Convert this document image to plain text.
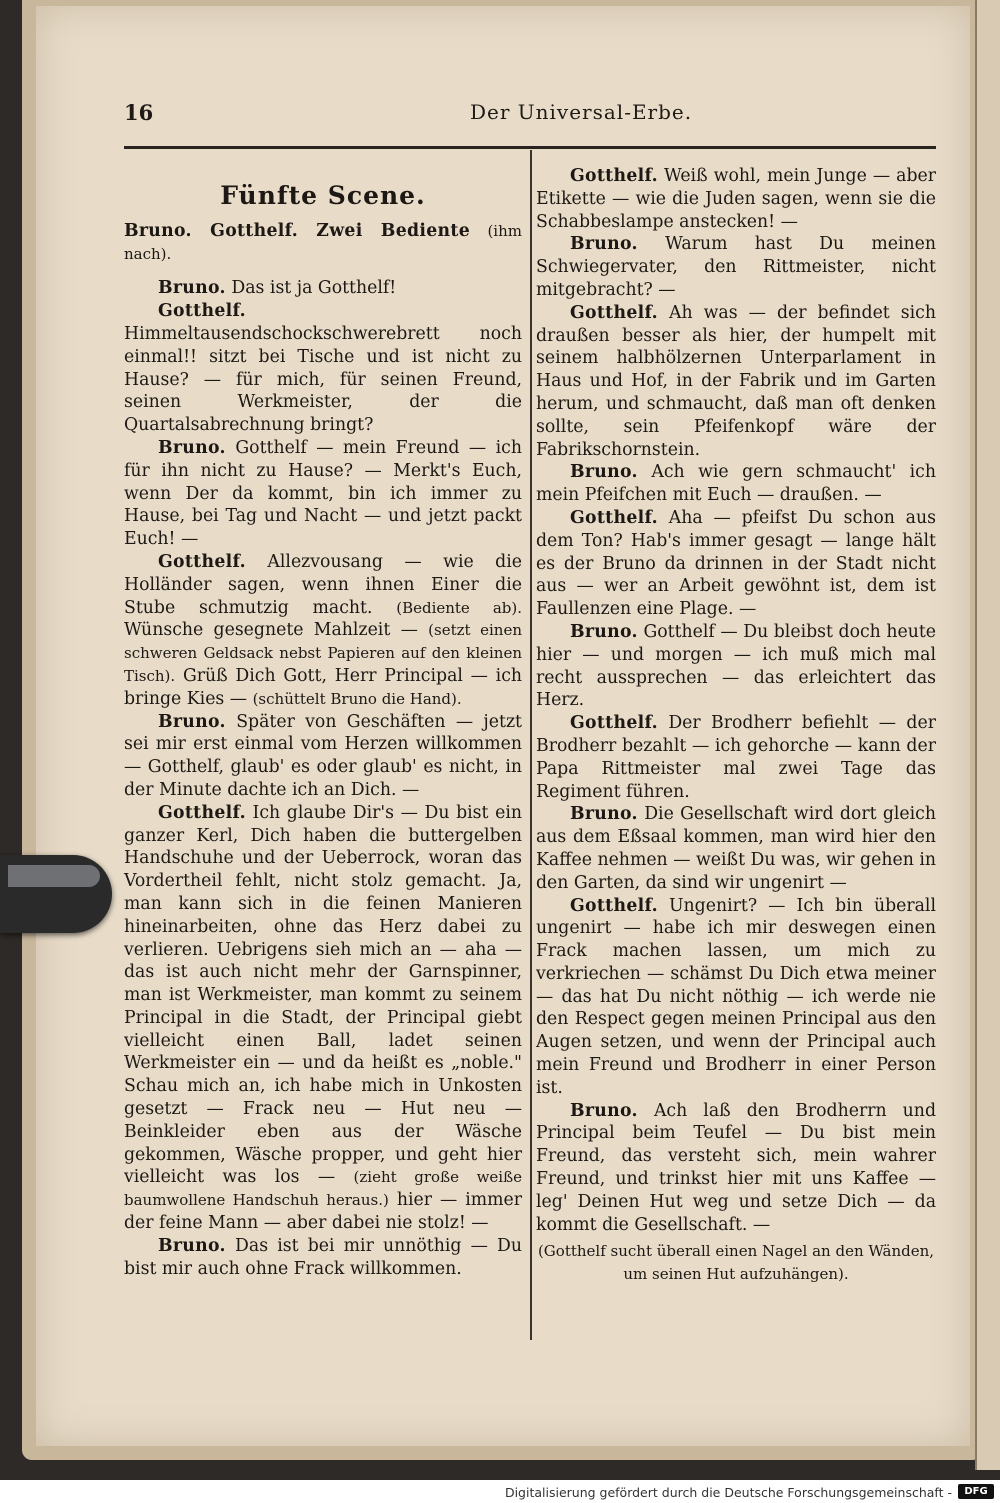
16	Der Universal-Erbe.
Fünfte Scene.

Bruno. Gotthelf. Zwei Bediente (ihm nach).

Bruno. Das ist ja Gotthelf!

Gotthelf. Himmeltausendschockschwerebrett noch einmal!! sitzt bei Tische und ist nicht zu Hause? — für mich, für seinen Freund, seinen Werkmeister, der die Quartalsabrechnung bringt?

Bruno. Gotthelf — mein Freund — ich für ihn nicht zu Hause? — Merkt's Euch, wenn Der da kommt, bin ich immer zu Hause, bei Tag und Nacht — und jetzt packt Euch! —

Gotthelf. Allezvousang — wie die Holländer sagen, wenn ihnen Einer die Stube schmutzig macht. (Bediente ab). Wünsche gesegnete Mahlzeit — (setzt einen schweren Geldsack nebst Papieren auf den kleinen Tisch). Grüß Dich Gott, Herr Principal — ich bringe Kies — (schüttelt Bruno die Hand).

Bruno. Später von Geschäften — jetzt sei mir erst einmal vom Herzen willkommen — Gotthelf, glaub' es oder glaub' es nicht, in der Minute dachte ich an Dich. —

Gotthelf. Ich glaube Dir's — Du bist ein ganzer Kerl, Dich haben die buttergelben Handschuhe und der Ueberrock, woran das Vordertheil fehlt, nicht stolz gemacht. Ja, man kann sich in die feinen Manieren hineinarbeiten, ohne das Herz dabei zu verlieren. Uebrigens sieh mich an — aha — das ist auch nicht mehr der Garnspinner, man ist Werkmeister, man kommt zu seinem Principal in die Stadt, der Principal giebt vielleicht einen Ball, ladet seinen Werkmeister ein — und da heißt es „noble." Schau mich an, ich habe mich in Unkosten gesetzt — Frack neu — Hut neu — Beinkleider eben aus der Wäsche gekommen, Wäsche propper, und geht hier vielleicht was los — (zieht große weiße baumwollene Handschuh heraus.) hier — immer der feine Mann — aber dabei nie stolz! —

Bruno. Das ist bei mir unnöthig — Du bist mir auch ohne Frack willkommen.

Gotthelf. Weiß wohl, mein Junge — aber Etikette — wie die Juden sagen, wenn sie die Schabbeslampe anstecken! —

Bruno. Warum hast Du meinen Schwiegervater, den Rittmeister, nicht mitgebracht? —

Gotthelf. Ah was — der befindet sich draußen besser als hier, der humpelt mit seinem halbhölzernen Unterparlament in Haus und Hof, in der Fabrik und im Garten herum, und schmaucht, daß man oft denken sollte, sein Pfeifenkopf wäre der Fabrikschornstein.

Bruno. Ach wie gern schmaucht' ich mein Pfeifchen mit Euch — draußen. —

Gotthelf. Aha — pfeifst Du schon aus dem Ton? Hab's immer gesagt — lange hält es der Bruno da drinnen in der Stadt nicht aus — wer an Arbeit gewöhnt ist, dem ist Faullenzen eine Plage. —

Bruno. Gotthelf — Du bleibst doch heute hier — und morgen — ich muß mich mal recht aussprechen — das erleichtert das Herz.

Gotthelf. Der Brodherr befiehlt — der Brodherr bezahlt — ich gehorche — kann der Papa Rittmeister mal zwei Tage das Regiment führen.

Bruno. Die Gesellschaft wird dort gleich aus dem Eßsaal kommen, man wird hier den Kaffee nehmen — weißt Du was, wir gehen in den Garten, da sind wir ungenirt —

Gotthelf. Ungenirt? — Ich bin überall ungenirt — habe ich mir deswegen einen Frack machen lassen, um mich zu verkriechen — schämst Du Dich etwa meiner — das hat Du nicht nöthig — ich werde nie den Respect gegen meinen Principal aus den Augen setzen, und wenn der Principal auch mein Freund und Brodherr in einer Person ist.

Bruno. Ach laß den Brodherrn und Principal beim Teufel — Du bist mein Freund, das versteht sich, mein wahrer Freund, und trinkst hier mit uns Kaffee — leg' Deinen Hut weg und setze Dich — da kommt die Gesellschaft. —

(Gotthelf sucht überall einen Nagel an den Wänden, um seinen Hut aufzuhängen).

Digitalisierung gefördert durch die Deutsche Forschungsgemeinschaft -	DFG
